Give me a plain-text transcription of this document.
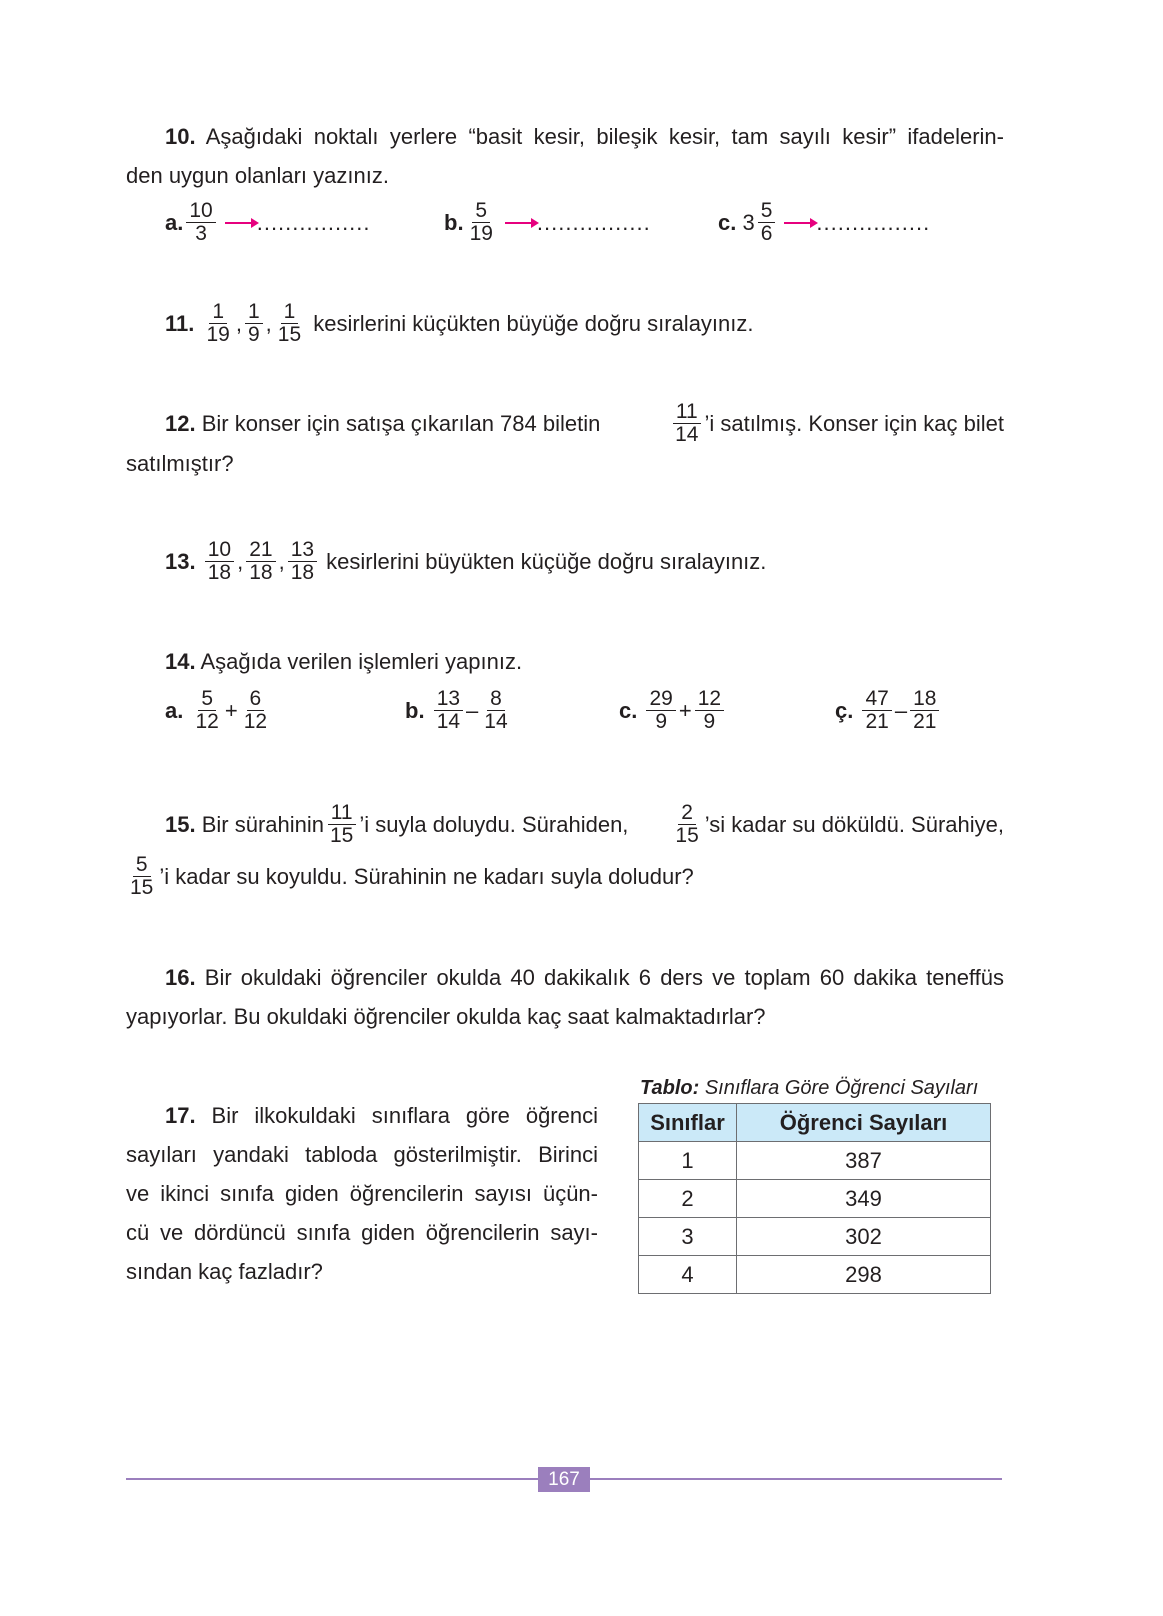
10. Aşağıdaki noktalı yerlere “basit kesir, bileşik kesir, tam sayılı kesir” ifadelerin-
den uygun olanları yazınız.
a. $\frac{10}{3}$ ................	b. $\frac{5}{19}$ ................	c.
$3 \frac{5}{6}$ ................
11.
$\frac{1}{19}$ , $\frac{1}{9}$ , $\frac{1}{15}$
kesirlerini küçükten büyüğe doğru sıralayınız.
12. Bir konser için satışa çıkarılan 784 biletin	$\frac{11}{14}$ ’i satılmış. Konser için kaç bilet
satılmıştır?
13.
$\frac{10}{18}$ , $\frac{21}{18}$ , $\frac{13}{18}$
kesirlerini büyükten küçüğe doğru sıralayınız.
14. Aşağıda verilen işlemleri yapınız.
a.
$\frac{5}{12} + \frac{6}{12}$	b.
$\frac{13}{14} - \frac{8}{14}$	c.
$\frac{29}{9} + \frac{12}{9}$	ç.
$\frac{47}{21} - \frac{18}{21}$
15.
Bir sürahinin $\frac{11}{15}$ ’i suyla doluydu. Sürahiden, $\frac{2}{15}$ ’si kadar su döküldü. Sürahiye,
$\frac{5}{15}$ ’i kadar su koyuldu. Sürahinin ne kadarı suyla doludur?
16. Bir okuldaki öğrenciler okulda 40 dakikalık 6 ders ve toplam 60 dakika teneffüs
yapıyorlar. Bu okuldaki öğrenciler okulda kaç saat kalmaktadırlar?
17. Bir ilkokuldaki sınıflara göre öğrenci
sayıları yandaki tabloda gösterilmiştir. Birinci
ve ikinci sınıfa giden öğrencilerin sayısı üçün-
cü ve dördüncü sınıfa giden öğrencilerin sayı-
sından kaç fazladır?
Tablo: Sınıflara Göre Öğrenci Sayıları
Sınıflar	Öğrenci Sayıları
1	387
2	349
3	302
4	298
167
